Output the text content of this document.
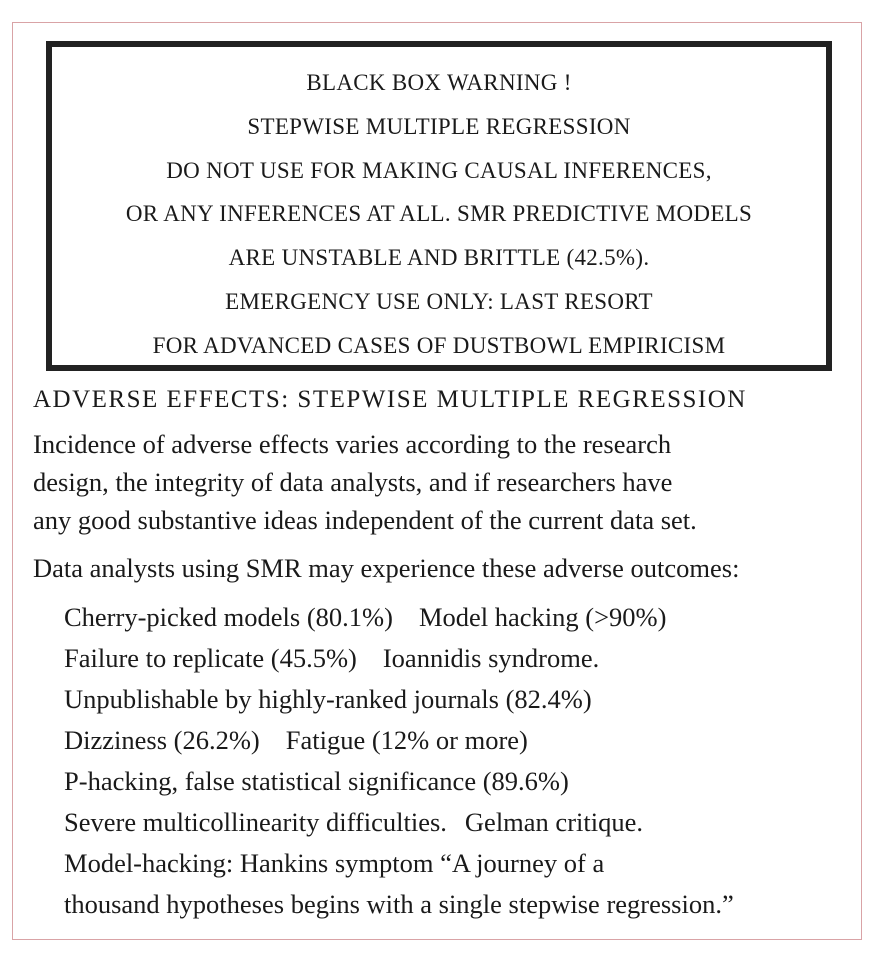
BLACK BOX WARNING !
STEPWISE MULTIPLE REGRESSION
DO NOT USE FOR MAKING CAUSAL INFERENCES,
OR ANY INFERENCES AT ALL. SMR PREDICTIVE MODELS
ARE UNSTABLE AND BRITTLE (42.5%).
EMERGENCY USE ONLY: LAST RESORT
FOR ADVANCED CASES OF DUSTBOWL EMPIRICISM
ADVERSE EFFECTS: STEPWISE MULTIPLE REGRESSION
Incidence of adverse effects varies according to the research
design, the integrity of data analysts, and if researchers have
any good substantive ideas independent of the current data set.
Data analysts using SMR may experience these adverse outcomes:
Cherry-picked models (80.1%) Model hacking (>90%)
Failure to replicate (45.5%) Ioannidis syndrome.
Unpublishable by highly-ranked journals (82.4%)
Dizziness (26.2%) Fatigue (12% or more)
P-hacking, false statistical significance (89.6%)
Severe multicollinearity difficulties. Gelman critique.
Model-hacking: Hankins symptom “A journey of a
thousand hypotheses begins with a single stepwise regression.”
